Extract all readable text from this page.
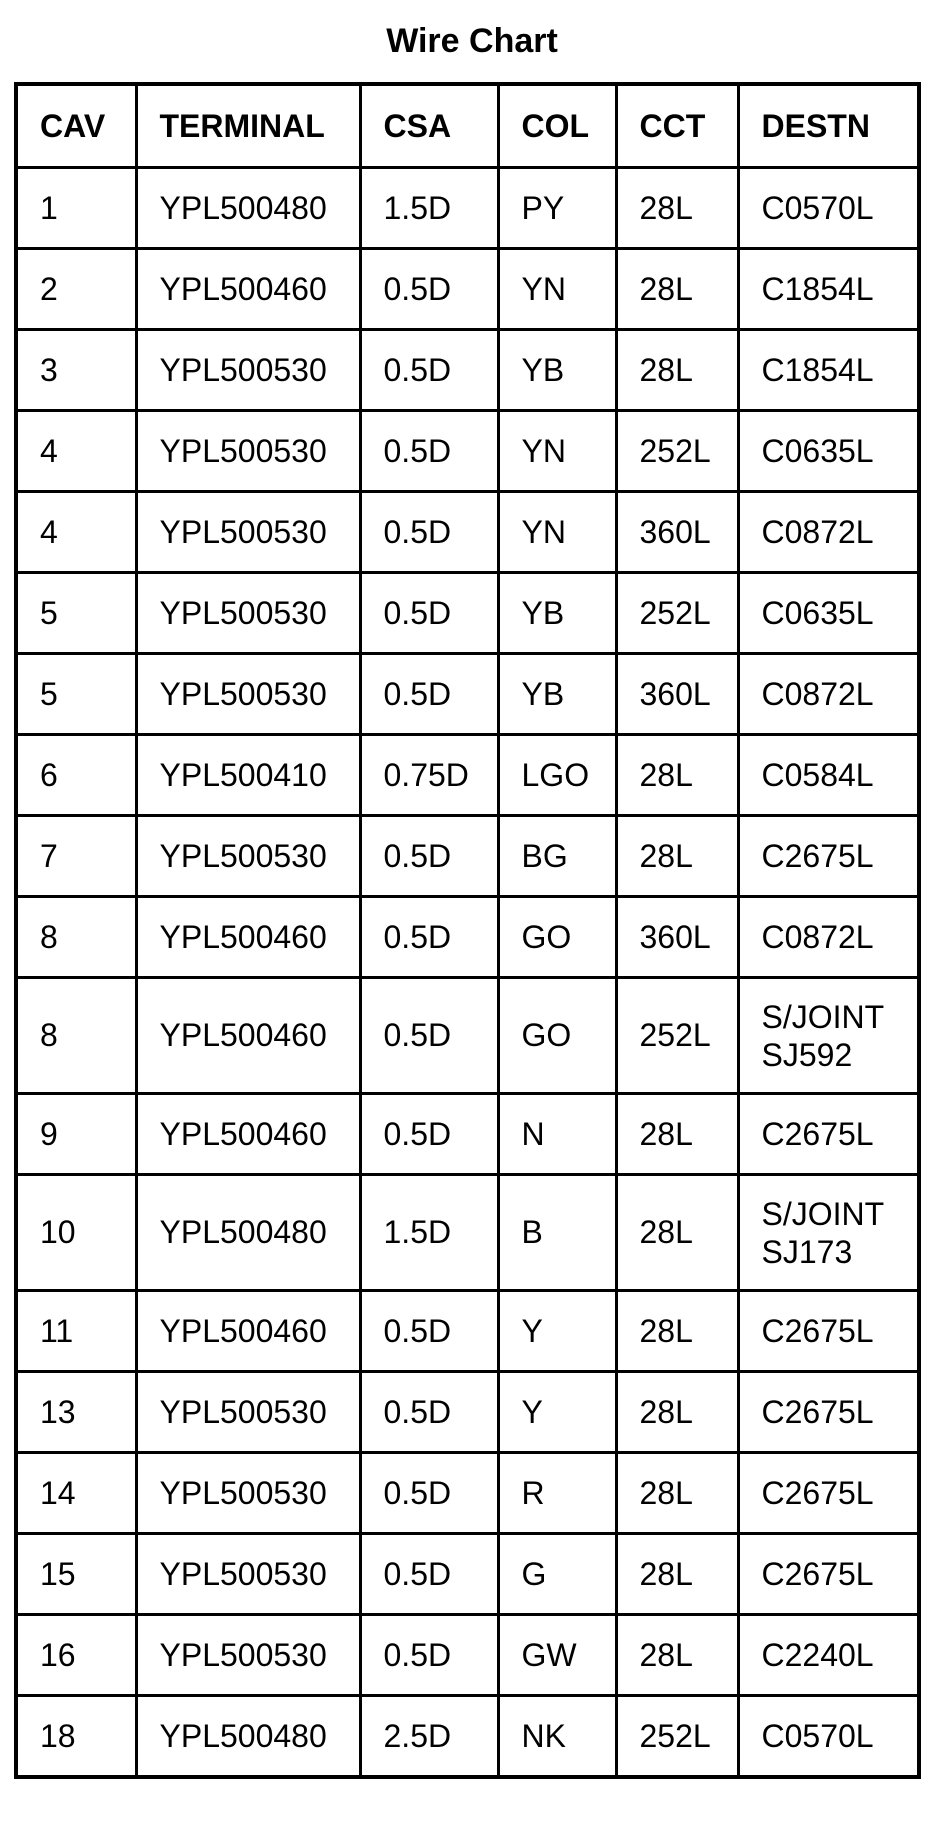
Wire Chart
CAV	TERMINAL	CSA	COL	CCT	DESTN
1	YPL500480	1.5D	PY	28L	C0570L
2	YPL500460	0.5D	YN	28L	C1854L
3	YPL500530	0.5D	YB	28L	C1854L
4	YPL500530	0.5D	YN	252L	C0635L
4	YPL500530	0.5D	YN	360L	C0872L
5	YPL500530	0.5D	YB	252L	C0635L
5	YPL500530	0.5D	YB	360L	C0872L
6	YPL500410	0.75D	LGO	28L	C0584L
7	YPL500530	0.5D	BG	28L	C2675L
8	YPL500460	0.5D	GO	360L	C0872L
8	YPL500460	0.5D	GO	252L	S/JOINT
SJ592
9	YPL500460	0.5D	N	28L	C2675L
10	YPL500480	1.5D	B	28L	S/JOINT
SJ173
11	YPL500460	0.5D	Y	28L	C2675L
13	YPL500530	0.5D	Y	28L	C2675L
14	YPL500530	0.5D	R	28L	C2675L
15	YPL500530	0.5D	G	28L	C2675L
16	YPL500530	0.5D	GW	28L	C2240L
18	YPL500480	2.5D	NK	252L	C0570L
